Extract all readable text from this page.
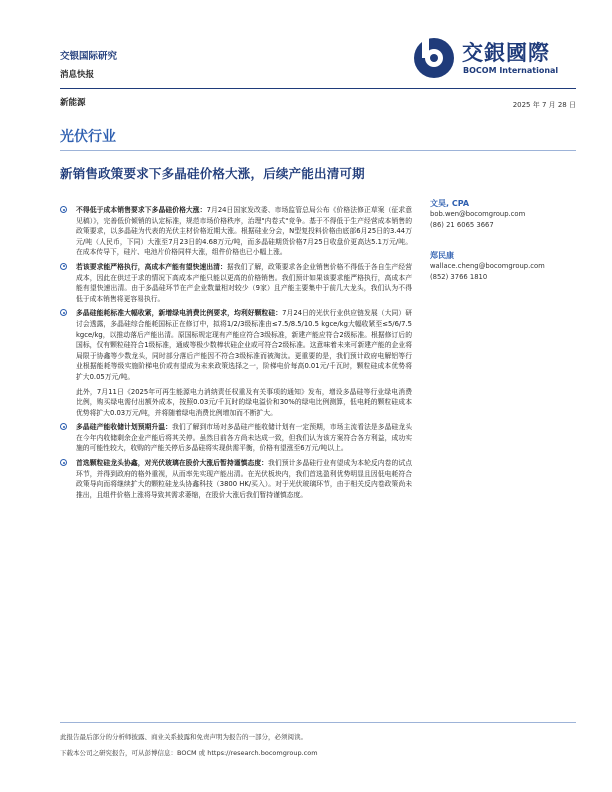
交银国际研究
消息快报
交銀國際
BOCOM International
新能源	2025 年 7 月 28 日
光伏行业
新销售政策要求下多晶硅价格大涨，后续产能出清可期
文昊, CPA
bob.wen@bocomgroup.com
(86) 21 6065 3667
郑民康
wallace.cheng@bocomgroup.com
(852) 3766 1810
不得低于成本销售要求下多晶硅价格大涨：7月24日国家发改委、市场监管总局公布《价格法修正草案（征求意见稿）》，完善低价倾销的认定标准，规范市场价格秩序，治理"内卷式"竞争。基于不得低于生产经营成本销售的政策要求，以多晶硅为代表的光伏主材价格近期大涨。根据硅业分会，N型复投料价格由底部6月25日的3.44万元/吨（人民币，下同）大涨至7月23日的4.68万元/吨，而多晶硅期货价格7月25日收盘价更高达5.1万元/吨。在成本传导下，硅片、电池片价格同样大涨，组件价格也已小幅上涨。
若该要求能严格执行，高成本产能有望快速出清：据我们了解，政策要求各企业销售价格不得低于各自生产经营成本，因此在供过于求的情况下高成本产能只能以更高的价格销售。我们预计如果该要求能严格执行，高成本产能有望快速出清。由于多晶硅环节在产企业数量相对较少（9家）且产能主要集中于前几大龙头，我们认为不得低于成本销售将更容易执行。
多晶硅能耗标准大幅收紧，新增绿电消费比例要求，均利好颗粒硅：7月24日的光伏行业供应链发展（大同）研讨会透露，多晶硅综合能耗国标正在修订中，拟将1/2/3级标准由≤7.5/8.5/10.5 kgce/kg大幅收紧至≤5/6/7.5 kgce/kg，以推动落后产能出清。原国标规定现有产能应符合3级标准，新建产能应符合2级标准。根据修订后的国标，仅有颗粒硅符合1级标准，通威等极少数棒状硅企业或可符合2级标准。这意味着未来可新建产能的企业将局限于协鑫等少数龙头，同时部分落后产能因不符合3级标准而被淘汰。更重要的是，我们预计政府电解铝等行业根据能耗等级实施阶梯电价或有望成为未来政策选择之一，阶梯电价每高0.01元/千瓦时，颗粒硅成本优势将扩大0.05万元/吨。
此外，7月11日《2025年可再生能源电力消纳责任权重及有关事项的通知》发布，增设多晶硅等行业绿电消费比例，购买绿电需付出额外成本，按照0.03元/千瓦时的绿电溢价和30%的绿电比例测算，低电耗的颗粒硅成本优势将扩大0.03万元/吨，并将随着绿电消费比例增加而不断扩大。
多晶硅产能收储计划预期升温：我们了解到市场对多晶硅产能收储计划有一定预期，市场主流看法是多晶硅龙头在今年内收储剩余企业产能后将其关停。虽然目前各方尚未达成一致，但我们认为该方案符合各方利益，成功实施的可能性较大，收购的产能关停后多晶硅将实现供需平衡，价格有望涨至6万元/吨以上。
首选颗粒硅龙头协鑫，对光伏玻璃在股价大涨后暂持谨慎态度：我们预计多晶硅行业有望成为本轮反内卷的试点环节，并得到政府的格外重视，从而率先实现产能出清。在光伏板块内，我们首选盈利优势明显且因低电耗符合政策导向而将继续扩大的颗粒硅龙头协鑫科技（3800 HK/买入）。对于光伏玻璃环节，由于相关反内卷政策尚未推出，且组件价格上涨将导致其需求萎缩，在股价大涨后我们暂持谨慎态度。
此报告最后部分的分析师披露、商业关系披露和免责声明为报告的一部分，必须阅读。
下载本公司之研究报告，可从彭博信息：BOCM 或 https://research.bocomgroup.com
